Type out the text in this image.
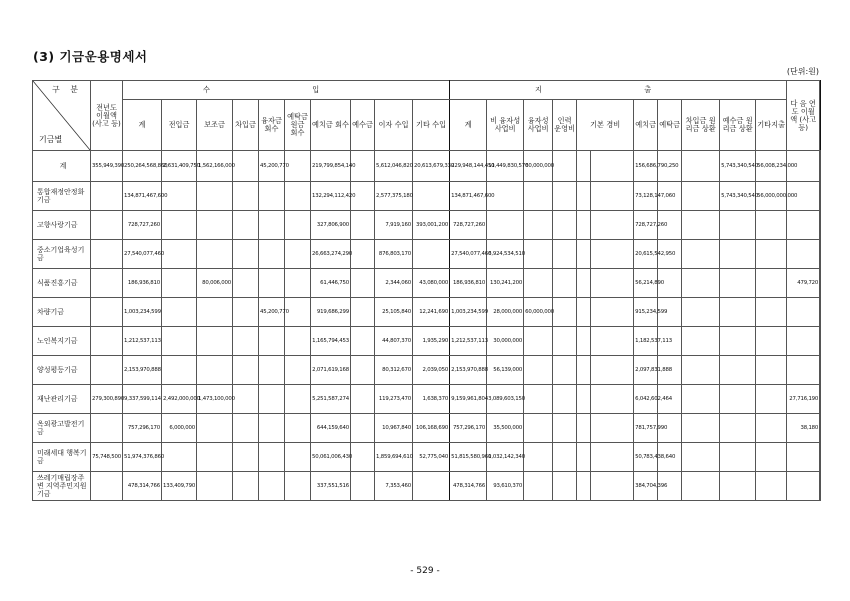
(3) 기금운용명세서
(단위:원)
구 분
기금별	전년도 이월액 (사고 등)	수 입										지 출											다 음 연 도 이월액 (사고 등)	
		계	전입금	보조금	차입금	융자금 회수	예탁금 원금 회수	예치금 회수	예수금	이자 수입	기타 수입	계	비 융자성 사업비	융자성 사업비	인력 운영비	기본 경비		예치금	예탁금	차입금 원리금 상환	예수금 원리금 상환	기타지출		
계	355,949,390	250,264,568,860	2,631,409,750	1,562,166,000		45,200,770		219,799,854,140		5,612,046,820	20,613,679,330	229,948,144,450	11,449,830,570	60,000,000				156,686,790,250			5,743,340,540	56,008,234,000		
통합재정안정화기금		134,871,467,600						132,294,112,420		2,577,375,180		134,871,467,600						73,128,147,060			5,743,340,540	56,000,000,000		
고향사랑기금		728,727,260						327,806,900		7,919,160	393,001,200	728,727,260						728,727,260						
중소기업육성기금		27,540,077,460						26,663,274,290		876,803,170		27,540,077,460	6,924,534,510					20,615,542,950						
식품진흥기금		186,936,810		80,006,000				61,446,750		2,344,060	43,080,000	186,936,810	130,241,200					56,214,890					479,720	
차량기금		1,003,234,599				45,200,770		919,686,299		25,105,840	12,241,690	1,003,234,599	28,000,000	60,000,000				915,234,599						
노인복지기금		1,212,537,113						1,165,794,453		44,807,370	1,935,290	1,212,537,113	30,000,000					1,182,537,113						
양성평등기금		2,153,970,888						2,071,619,168		80,312,670	2,039,050	2,153,970,888	56,139,000					2,097,831,888						
재난관리기금	279,300,890	9,337,599,114	2,492,000,000	1,473,100,000				5,251,587,274		119,273,470	1,638,370	9,159,961,804	3,089,603,150					6,042,602,464					27,716,190	
옥외광고발전기금		757,296,170	6,000,000					644,159,640		10,967,840	106,168,690	757,296,170	35,500,000					781,757,990					38,180	
미래세대 행복기금	75,748,500	51,974,376,860						50,061,006,430		1,859,694,610	52,775,040	51,815,580,960	1,032,142,340					50,783,438,640						
쓰레기매립장주변 지역주민지원기금		478,314,766	133,409,790					337,551,516		7,353,460		478,314,766	93,610,370					384,704,396						
- 529 -
